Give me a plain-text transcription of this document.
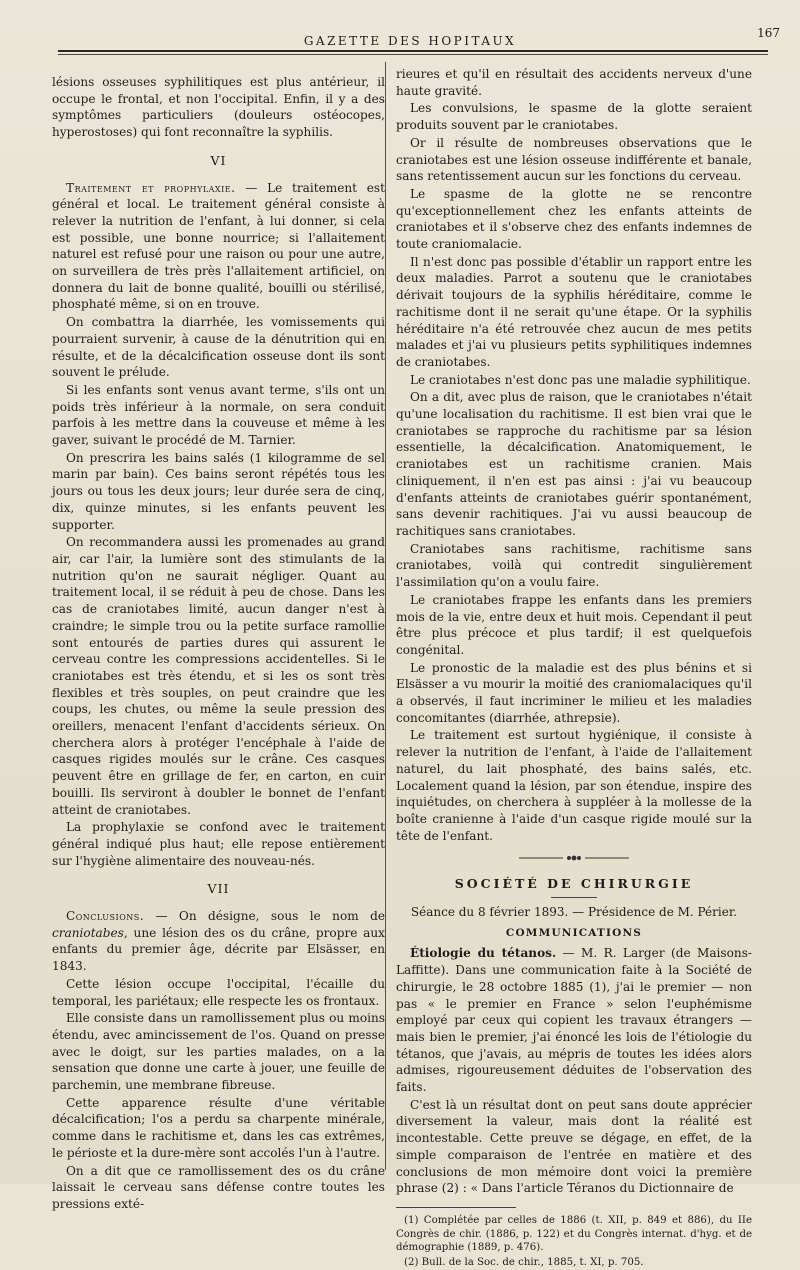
GAZETTE DES HOPITAUX
167

lésions osseuses syphilitiques est plus antérieur, il occupe le frontal, et non l'occipital. Enfin, il y a des symptômes particuliers (douleurs ostéocopes, hyperostoses) qui font reconnaître la syphilis.

VI

Traitement et prophylaxie. — Le traitement est général et local. Le traitement général consiste à relever la nutrition de l'enfant, à lui donner, si cela est possible, une bonne nourrice; si l'allaitement naturel est refusé pour une raison ou pour une autre, on surveillera de très près l'allaitement artificiel, on donnera du lait de bonne qualité, bouilli ou stérilisé, phosphaté même, si on en trouve.

On combattra la diarrhée, les vomissements qui pourraient survenir, à cause de la dénutrition qui en résulte, et de la décalcification osseuse dont ils sont souvent le prélude.

Si les enfants sont venus avant terme, s'ils ont un poids très inférieur à la normale, on sera conduit parfois à les mettre dans la couveuse et même à les gaver, suivant le procédé de M. Tarnier.

On prescrira les bains salés (1 kilogramme de sel marin par bain). Ces bains seront répétés tous les jours ou tous les deux jours; leur durée sera de cinq, dix, quinze minutes, si les enfants peuvent les supporter.

On recommandera aussi les promenades au grand air, car l'air, la lumière sont des stimulants de la nutrition qu'on ne saurait négliger. Quant au traitement local, il se réduit à peu de chose. Dans les cas de craniotabes limité, aucun danger n'est à craindre; le simple trou ou la petite surface ramollie sont entourés de parties dures qui assurent le cerveau contre les compressions accidentelles. Si le craniotabes est très étendu, et si les os sont très flexibles et très souples, on peut craindre que les coups, les chutes, ou même la seule pression des oreillers, menacent l'enfant d'accidents sérieux. On cherchera alors à protéger l'encéphale à l'aide de casques rigides moulés sur le crâne. Ces casques peuvent être en grillage de fer, en carton, en cuir bouilli. Ils serviront à doubler le bonnet de l'enfant atteint de craniotabes.

La prophylaxie se confond avec le traitement général indiqué plus haut; elle repose entièrement sur l'hygiène alimentaire des nouveau-nés.

VII

Conclusions. — On désigne, sous le nom de craniotabes, une lésion des os du crâne, propre aux enfants du premier âge, décrite par Elsässer, en 1843.

Cette lésion occupe l'occipital, l'écaille du temporal, les pariétaux; elle respecte les os frontaux.

Elle consiste dans un ramollissement plus ou moins étendu, avec amincissement de l'os. Quand on presse avec le doigt, sur les parties malades, on a la sensation que donne une carte à jouer, une feuille de parchemin, une membrane fibreuse.

Cette apparence résulte d'une véritable décalcification; l'os a perdu sa charpente minérale, comme dans le rachitisme et, dans les cas extrêmes, le périoste et la dure-mère sont accolés l'un à l'autre.

On a dit que ce ramollissement des os du crâne laissait le cerveau sans défense contre toutes les pressions exté-

rieures et qu'il en résultait des accidents nerveux d'une haute gravité.

Les convulsions, le spasme de la glotte seraient produits souvent par le craniotabes.

Or il résulte de nombreuses observations que le craniotabes est une lésion osseuse indifférente et banale, sans retentissement aucun sur les fonctions du cerveau.

Le spasme de la glotte ne se rencontre qu'exceptionnellement chez les enfants atteints de craniotabes et il s'observe chez des enfants indemnes de toute craniomalacie.

Il n'est donc pas possible d'établir un rapport entre les deux maladies. Parrot a soutenu que le craniotabes dérivait toujours de la syphilis héréditaire, comme le rachitisme dont il ne serait qu'une étape. Or la syphilis héréditaire n'a été retrouvée chez aucun de mes petits malades et j'ai vu plusieurs petits syphilitiques indemnes de craniotabes.

Le craniotabes n'est donc pas une maladie syphilitique.

On a dit, avec plus de raison, que le craniotabes n'était qu'une localisation du rachitisme. Il est bien vrai que le craniotabes se rapproche du rachitisme par sa lésion essentielle, la décalcification. Anatomiquement, le craniotabes est un rachitisme cranien. Mais cliniquement, il n'en est pas ainsi : j'ai vu beaucoup d'enfants atteints de craniotabes guérir spontanément, sans devenir rachitiques. J'ai vu aussi beaucoup de rachitiques sans craniotabes.

Craniotabes sans rachitisme, rachitisme sans craniotabes, voilà qui contredit singulièrement l'assimilation qu'on a voulu faire.

Le craniotabes frappe les enfants dans les premiers mois de la vie, entre deux et huit mois. Cependant il peut être plus précoce et plus tardif; il est quelquefois congénital.

Le pronostic de la maladie est des plus bénins et si Elsässer a vu mourir la moitié des craniomalaciques qu'il a observés, il faut incriminer le milieu et les maladies concomitantes (diarrhée, athrepsie).

Le traitement est surtout hygiénique, il consiste à relever la nutrition de l'enfant, à l'aide de l'allaitement naturel, du lait phosphaté, des bains salés, etc. Localement quand la lésion, par son étendue, inspire des inquiétudes, on cherchera à suppléer à la mollesse de la boîte cranienne à l'aide d'un casque rigide moulé sur la tête de l'enfant.

SOCIÉTÉ DE CHIRURGIE

Séance du 8 février 1893. — Présidence de M. Périer.

COMMUNICATIONS

Étiologie du tétanos. — M. R. Larger (de Maisons-Laffitte). Dans une communication faite à la Société de chirurgie, le 28 octobre 1885 (1), j'ai le premier — non pas « le premier en France » selon l'euphémisme employé par ceux qui copient les travaux étrangers — mais bien le premier, j'ai énoncé les lois de l'étiologie du tétanos, que j'avais, au mépris de toutes les idées alors admises, rigoureusement déduites de l'observation des faits.

C'est là un résultat dont on peut sans doute apprécier diversement la valeur, mais dont la réalité est incontestable. Cette preuve se dégage, en effet, de la simple comparaison de l'entrée en matière et des conclusions de mon mémoire dont voici la première phrase (2) : « Dans l'article Téranos du Dictionnaire de

(1) Complétée par celles de 1886 (t. XII, p. 849 et 886), du IIe Congrès de chir. (1886, p. 122) et du Congrès internat. d'hyg. et de démographie (1889, p. 476).

(2) Bull. de la Soc. de chir., 1885, t. XI, p. 705.
